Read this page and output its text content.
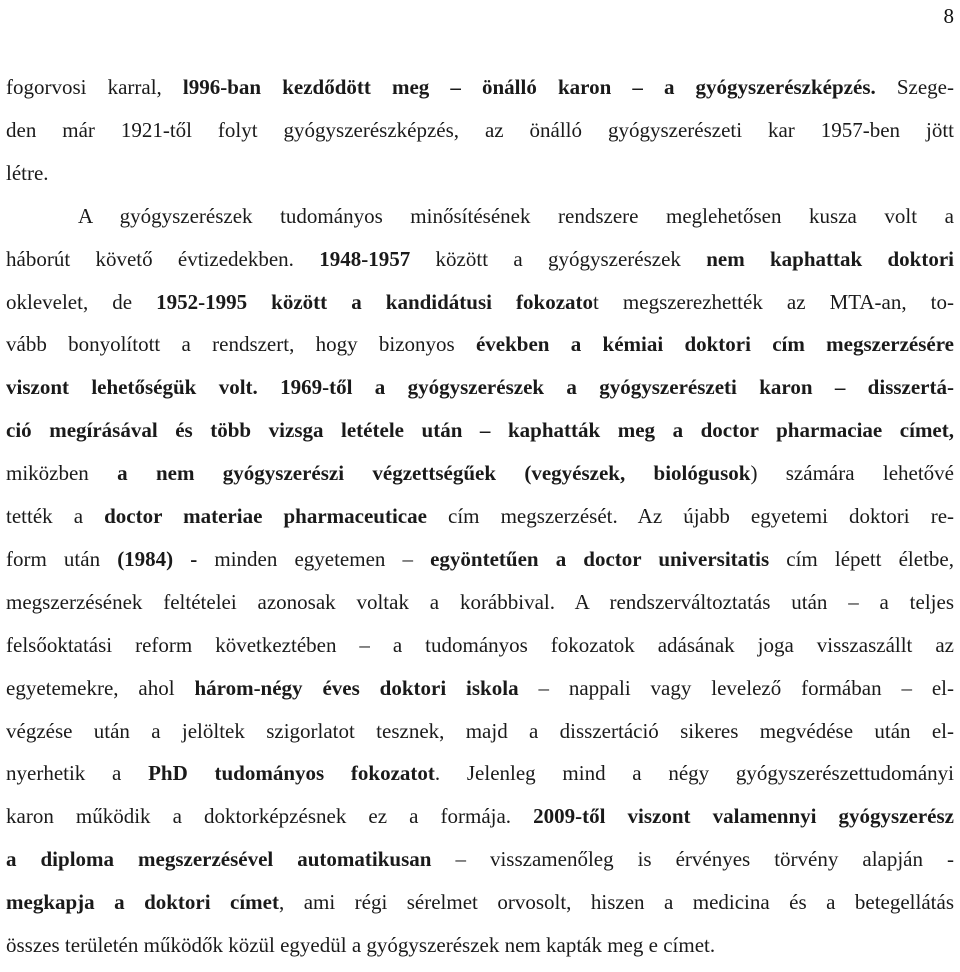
8
fogorvosi karral, l996-ban kezdődött meg – önálló karon – a gyógyszerészképzés. Szege-
den már 1921-től folyt gyógyszerészképzés, az önálló gyógyszerészeti kar 1957-ben jött
létre.
A gyógyszerészek tudományos minősítésének rendszere meglehetősen kusza volt a
háborút követő évtizedekben. 1948-1957 között a gyógyszerészek nem kaphattak doktori
oklevelet, de 1952-1995 között a kandidátusi fokozatot megszerezhették az MTA-an, to-
vább bonyolított a rendszert, hogy bizonyos években a kémiai doktori cím megszerzésére
viszont lehetőségük volt. 1969-től a gyógyszerészek a gyógyszerészeti karon – disszertá-
ció megírásával és több vizsga letétele után – kaphatták meg a doctor pharmaciae címet,
miközben a nem gyógyszerészi végzettségűek (vegyészek, biológusok) számára lehetővé
tették a doctor materiae pharmaceuticae cím megszerzését. Az újabb egyetemi doktori re-
form után (1984) - minden egyetemen – egyöntetűen a doctor universitatis cím lépett életbe,
megszerzésének feltételei azonosak voltak a korábbival. A rendszerváltoztatás után – a teljes
felsőoktatási reform következtében – a tudományos fokozatok adásának joga visszaszállt az
egyetemekre, ahol három-négy éves doktori iskola – nappali vagy levelező formában – el-
végzése után a jelöltek szigorlatot tesznek, majd a disszertáció sikeres megvédése után el-
nyerhetik a PhD tudományos fokozatot. Jelenleg mind a négy gyógyszerészettudományi
karon működik a doktorképzésnek ez a formája. 2009-től viszont valamennyi gyógyszerész
a diploma megszerzésével automatikusan – visszamenőleg is érvényes törvény alapján -
megkapja a doktori címet, ami régi sérelmet orvosolt, hiszen a medicina és a betegellátás
összes területén működők közül egyedül a gyógyszerészek nem kapták meg e címet.
